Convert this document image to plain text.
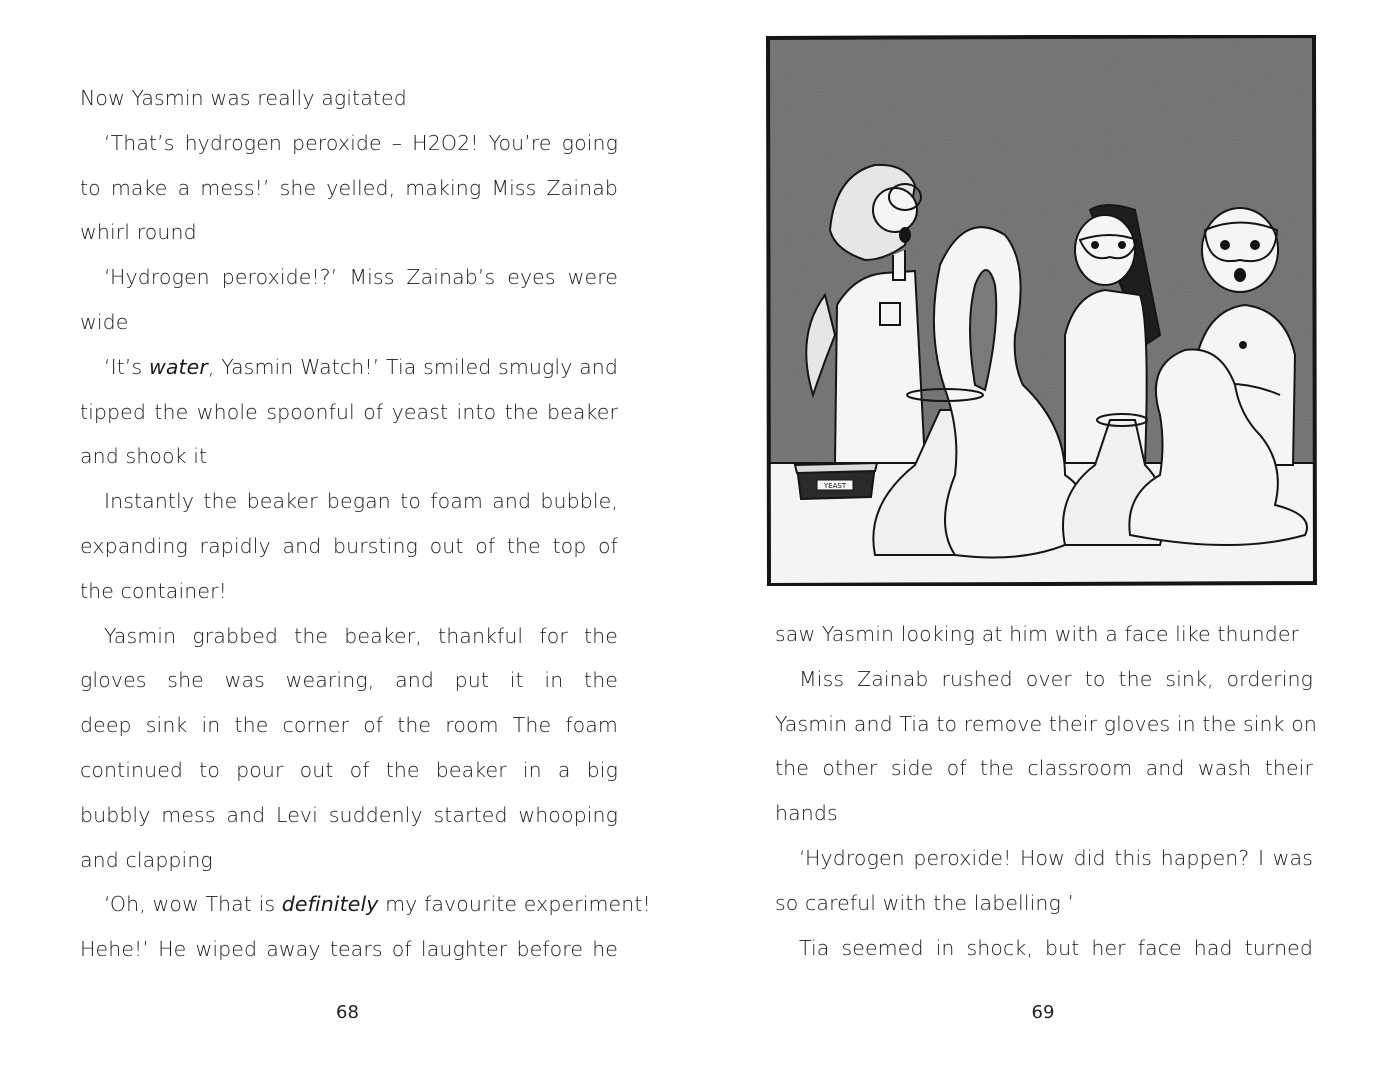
Now Yasmin was really agitated
‘That’s hydrogen peroxide – H2O2! You’re going
to make a mess!’ she yelled, making Miss Zainab
whirl round
‘Hydrogen peroxide!?’ Miss Zainab’s eyes were
wide
‘It’s water, Yasmin Watch!’ Tia smiled smugly and
tipped the whole spoonful of yeast into the beaker
and shook it
Instantly the beaker began to foam and bubble,
expanding rapidly and bursting out of the top of
the container!
Yasmin grabbed the beaker, thankful for the
gloves she was wearing, and put it in the
deep sink in the corner of the room The foam
continued to pour out of the beaker in a big
bubbly mess and Levi suddenly started whooping
and clapping
‘Oh, wow That is definitely my favourite experiment!
Hehe!’ He wiped away tears of laughter before he
68
YEAST
saw Yasmin looking at him with a face like thunder
Miss Zainab rushed over to the sink, ordering
Yasmin and Tia to remove their gloves in the sink on
the other side of the classroom and wash their
hands
‘Hydrogen peroxide! How did this happen? I was
so careful with the labelling ’
Tia seemed in shock, but her face had turned
69
